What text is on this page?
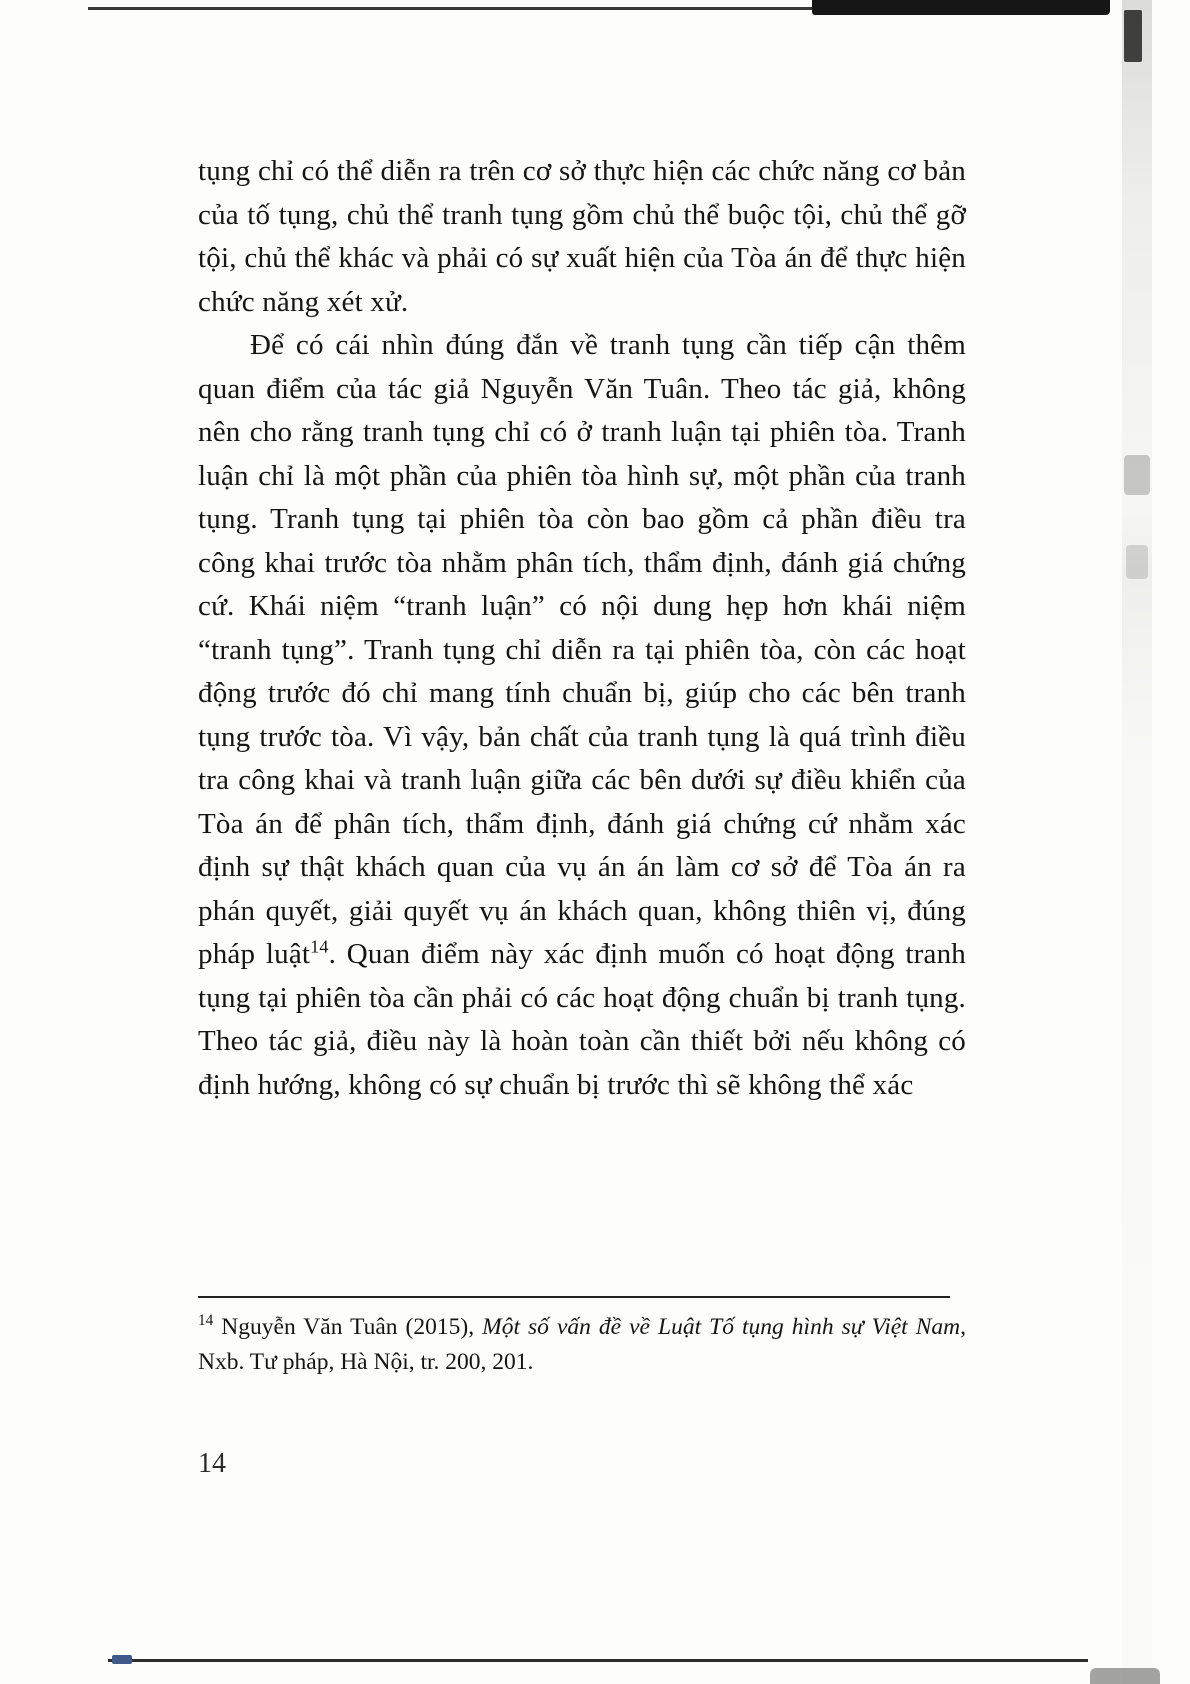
tụng chỉ có thể diễn ra trên cơ sở thực hiện các chức năng cơ bản của tố tụng, chủ thể tranh tụng gồm chủ thể buộc tội, chủ thể gỡ tội, chủ thể khác và phải có sự xuất hiện của Tòa án để thực hiện chức năng xét xử.

Để có cái nhìn đúng đắn về tranh tụng cần tiếp cận thêm quan điểm của tác giả Nguyễn Văn Tuân. Theo tác giả, không nên cho rằng tranh tụng chỉ có ở tranh luận tại phiên tòa. Tranh luận chỉ là một phần của phiên tòa hình sự, một phần của tranh tụng. Tranh tụng tại phiên tòa còn bao gồm cả phần điều tra công khai trước tòa nhằm phân tích, thẩm định, đánh giá chứng cứ. Khái niệm “tranh luận” có nội dung hẹp hơn khái niệm “tranh tụng”. Tranh tụng chỉ diễn ra tại phiên tòa, còn các hoạt động trước đó chỉ mang tính chuẩn bị, giúp cho các bên tranh tụng trước tòa. Vì vậy, bản chất của tranh tụng là quá trình điều tra công khai và tranh luận giữa các bên dưới sự điều khiển của Tòa án để phân tích, thẩm định, đánh giá chứng cứ nhằm xác định sự thật khách quan của vụ án án làm cơ sở để Tòa án ra phán quyết, giải quyết vụ án khách quan, không thiên vị, đúng pháp luật$^{14}$. Quan điểm này xác định muốn có hoạt động tranh tụng tại phiên tòa cần phải có các hoạt động chuẩn bị tranh tụng. Theo tác giả, điều này là hoàn toàn cần thiết bởi nếu không có định hướng, không có sự chuẩn bị trước thì sẽ không thể xác

$^{14}$ Nguyễn Văn Tuân (2015), Một số vấn đề về Luật Tố tụng hình sự Việt Nam, Nxb. Tư pháp, Hà Nội, tr. 200, 201.
14
